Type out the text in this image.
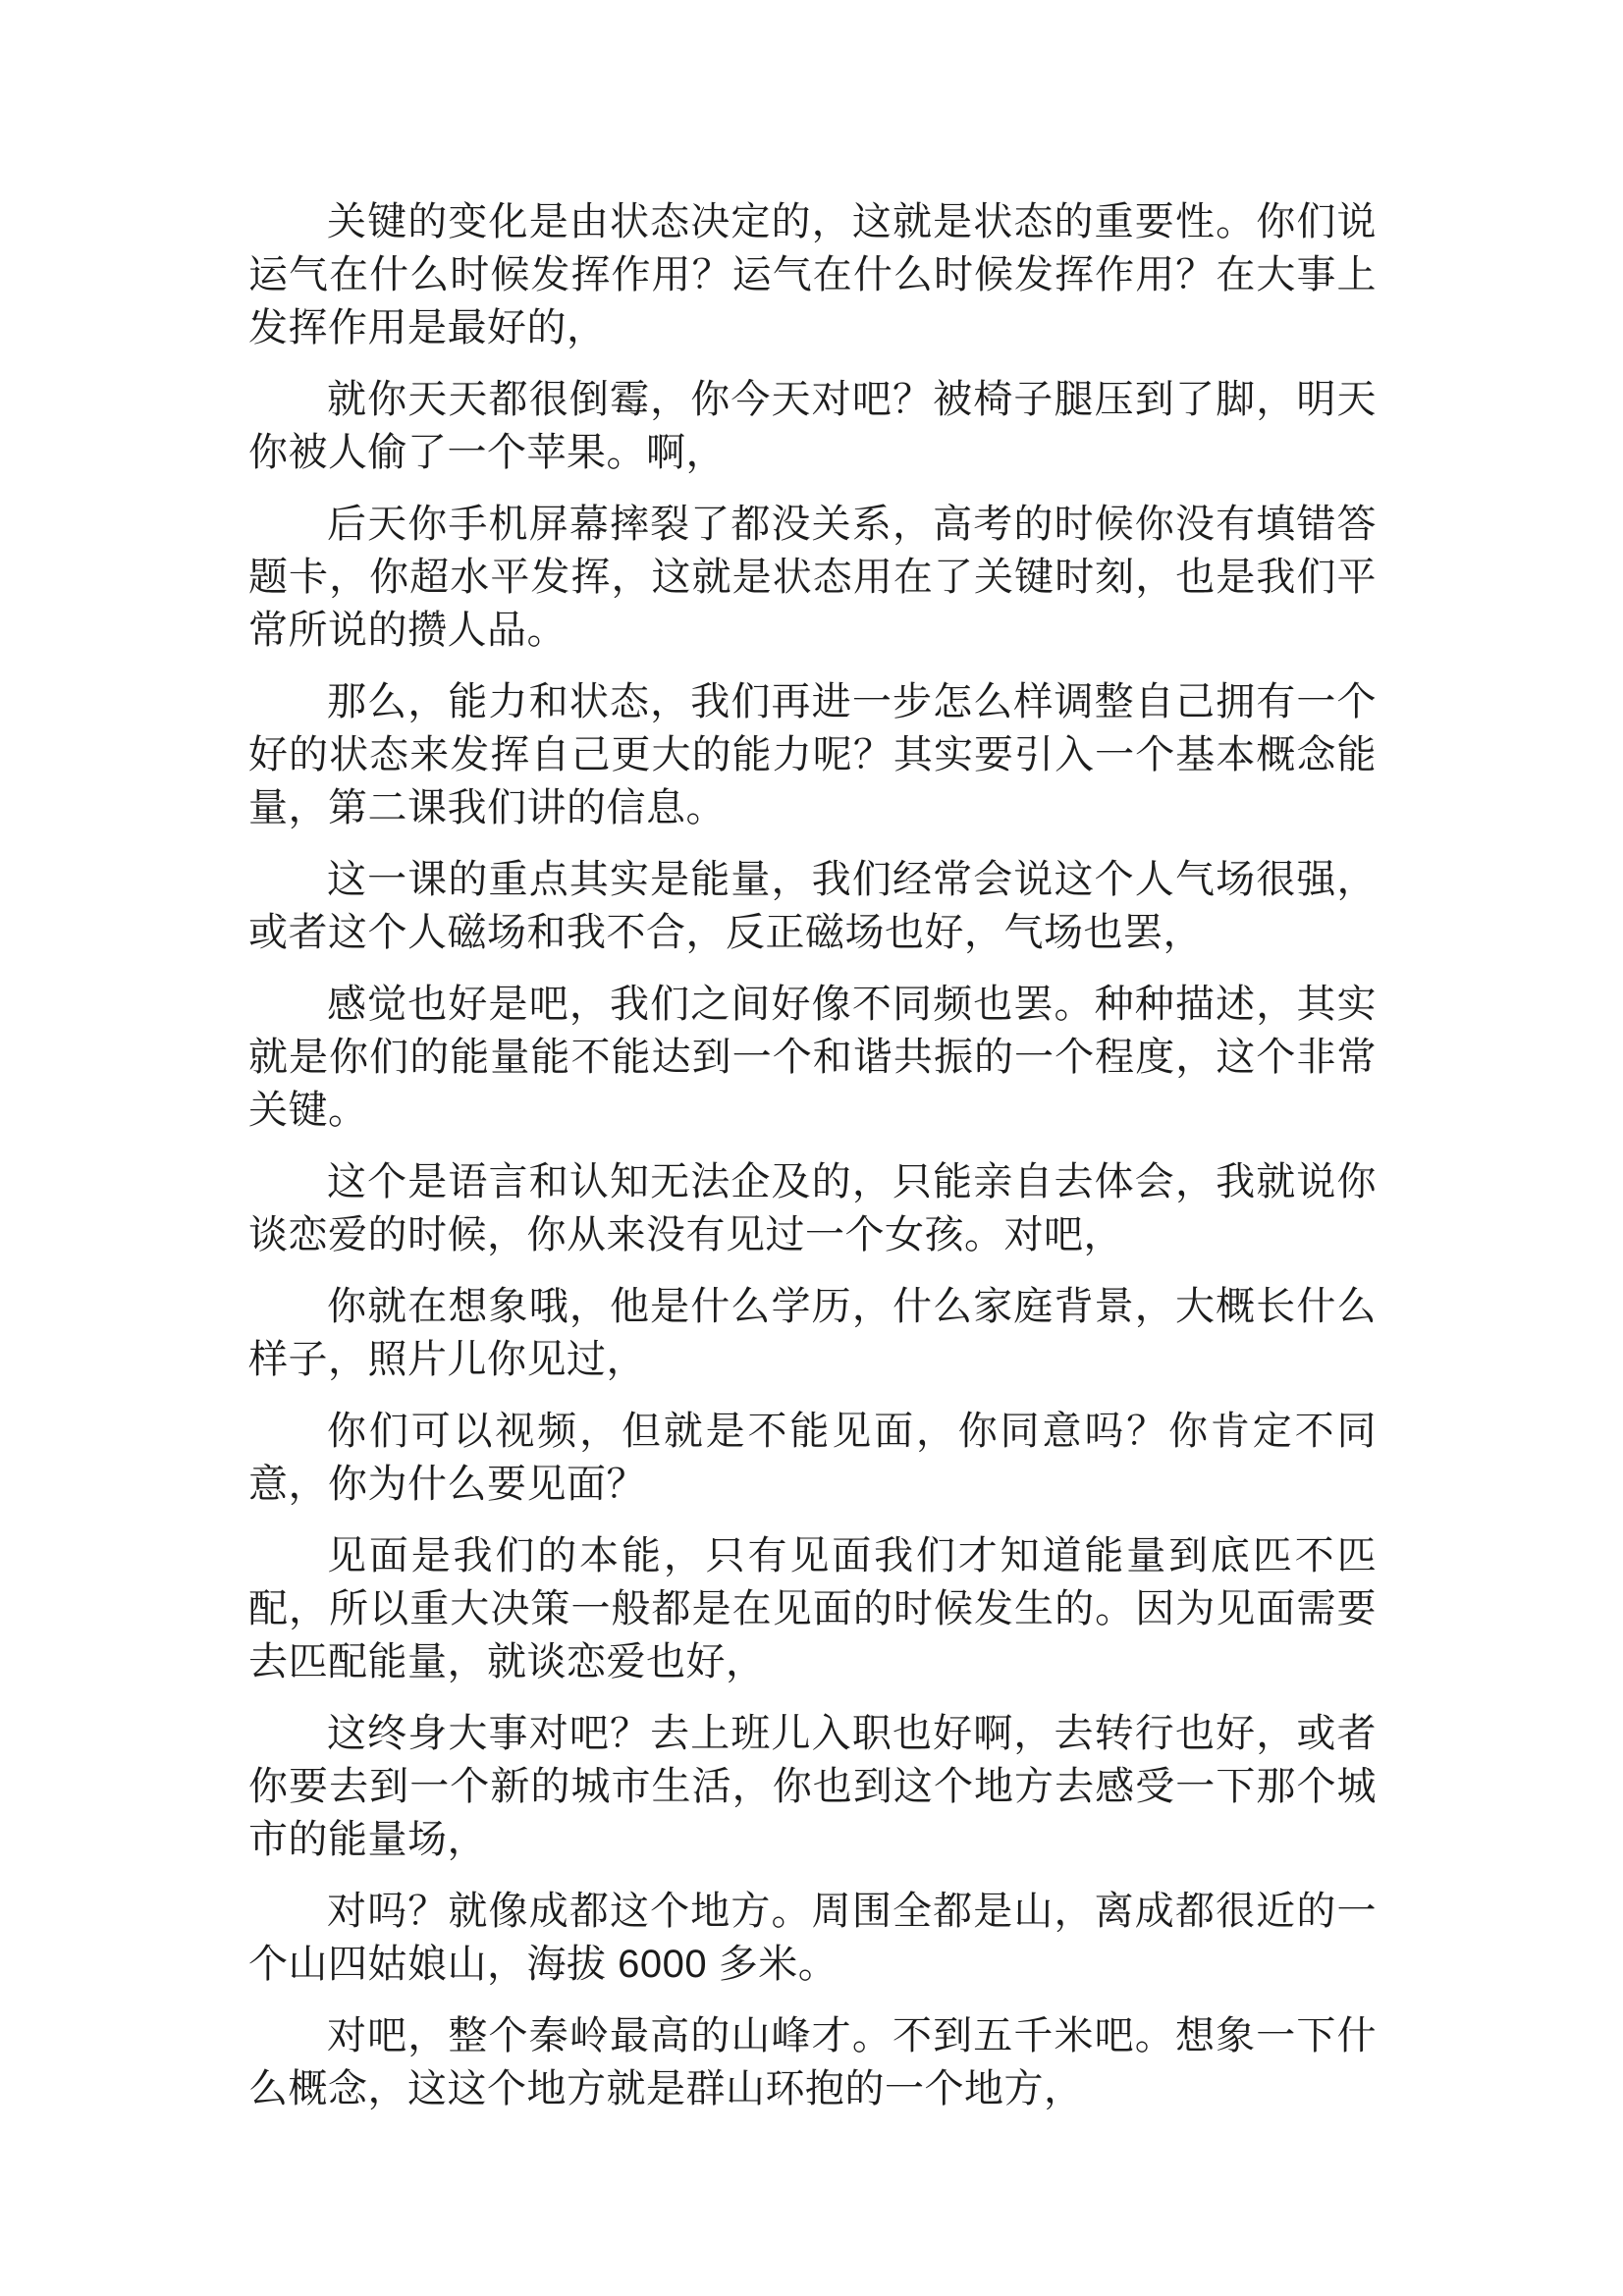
关键的变化是由状态决定的，这就是状态的重要性。你们说运气在什么时候发挥作用？运气在什么时候发挥作用？在大事上发挥作用是最好的，

就你天天都很倒霉，你今天对吧？被椅子腿压到了脚，明天你被人偷了一个苹果。啊，

后天你手机屏幕摔裂了都没关系，高考的时候你没有填错答题卡，你超水平发挥，这就是状态用在了关键时刻，也是我们平常所说的攒人品。

那么，能力和状态，我们再进一步怎么样调整自己拥有一个好的状态来发挥自己更大的能力呢？其实要引入一个基本概念能量，第二课我们讲的信息。

这一课的重点其实是能量，我们经常会说这个人气场很强，或者这个人磁场和我不合，反正磁场也好，气场也罢，

感觉也好是吧，我们之间好像不同频也罢。种种描述，其实就是你们的能量能不能达到一个和谐共振的一个程度，这个非常关键。

这个是语言和认知无法企及的，只能亲自去体会，我就说你谈恋爱的时候，你从来没有见过一个女孩。对吧，

你就在想象哦，他是什么学历，什么家庭背景，大概长什么样子，照片儿你见过，

你们可以视频，但就是不能见面，你同意吗？你肯定不同意，你为什么要见面？

见面是我们的本能，只有见面我们才知道能量到底匹不匹配，所以重大决策一般都是在见面的时候发生的。因为见面需要去匹配能量，就谈恋爱也好，

这终身大事对吧？去上班儿入职也好啊，去转行也好，或者你要去到一个新的城市生活，你也到这个地方去感受一下那个城市的能量场，

对吗？就像成都这个地方。周围全都是山，离成都很近的一个山四姑娘山，海拔 6000 多米。

对吧，整个秦岭最高的山峰才。不到五千米吧。想象一下什么概念，这这个地方就是群山环抱的一个地方，
